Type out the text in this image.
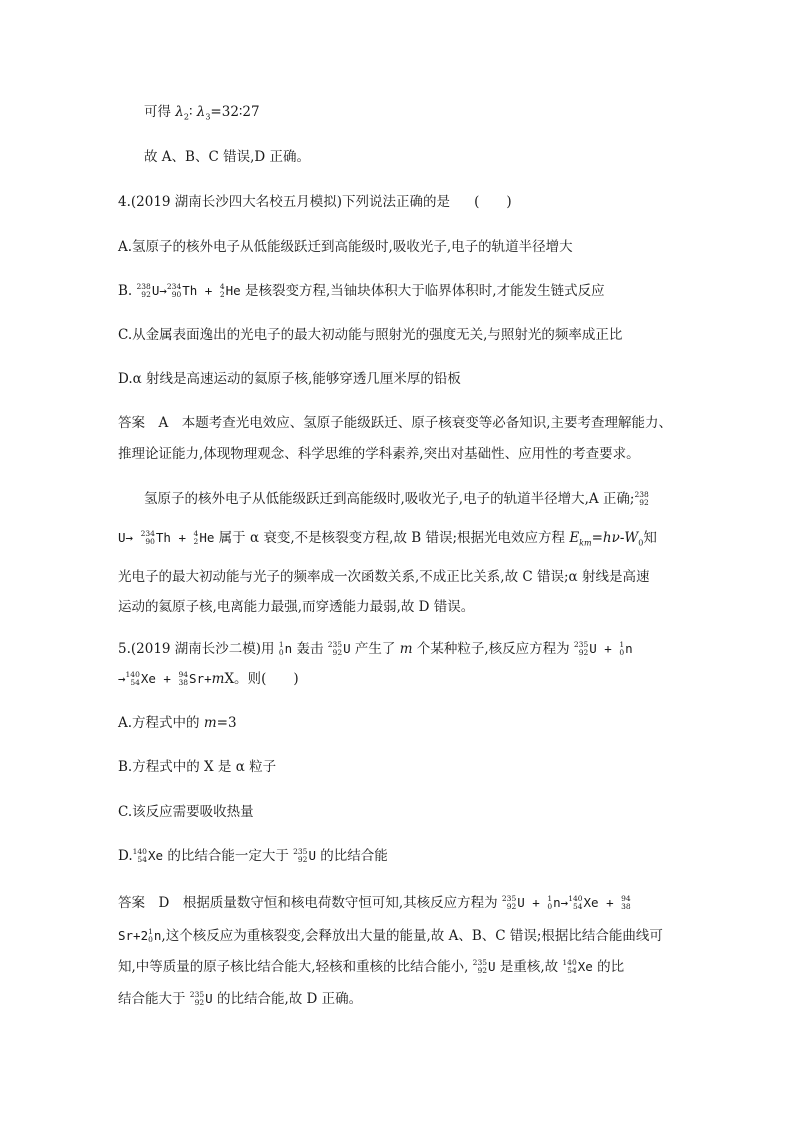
可得 $\lambda_2∶$ $\lambda_3=32∶27$
故 A、B、C 错误,D 正确。
4.(2019 湖南长沙四大名校五月模拟)下列说法正确的是 (　　)
A.氢原子的核外电子从低能级跃迁到高能级时,吸收光子,电子的轨道半径增大
B. 238
92 U→ 234
90 Th + 4
2 He 是核裂变方程,当铀块体积大于临界体积时,才能发生链式反应
C.从金属表面逸出的光电子的最大初动能与照射光的强度无关,与照射光的频率成正比
D.α 射线是高速运动的氦原子核,能够穿透几厘米厚的铅板
答案　A　本题考查光电效应、氢原子能级跃迁、原子核衰变等必备知识,主要考查理解能力、
推理论证能力,体现物理观念、科学思维的学科素养,突出对基础性、应用性的考查要求。
氢原子的核外电子从低能级跃迁到高能级时,吸收光子,电子的轨道半径增大,A 正确; 238
92
U→ 234
90 Th + 4
2 He 属于 α 衰变,不是核裂变方程,故 B 错误;根据光电效应方程 $E_{km}=h\nu-W_0$知
光电子的最大初动能与光子的频率成一次函数关系,不成正比关系,故 C 错误;α 射线是高速
运动的氦原子核,电离能力最强,而穿透能力最弱,故 D 错误。
5.(2019 湖南长沙二模)用 1
0 n 轰击 235
92 U 产生了 m 个某种粒子,核反应方程为 235
92 U + 1
0 n
→ 140
54 Xe + 94
38 Sr+mX。则(　　)
A.方程式中的 m=3
B.方程式中的 X 是 α 粒子
C.该反应需要吸收热量
D. 140
54 Xe 的比结合能一定大于 235
92 U 的比结合能
答案　D　根据质量数守恒和核电荷数守恒可知,其核反应方程为 235
92 U + 1
0 n→ 140
54 Xe + 94
38
Sr+2 1
0 n,这个核反应为重核裂变,会释放出大量的能量,故 A、B、C 错误;根据比结合能曲线可
知,中等质量的原子核比结合能大,轻核和重核的比结合能小, 235
92 U 是重核,故 140
54 Xe 的比
结合能大于 235
92 U 的比结合能,故 D 正确。
